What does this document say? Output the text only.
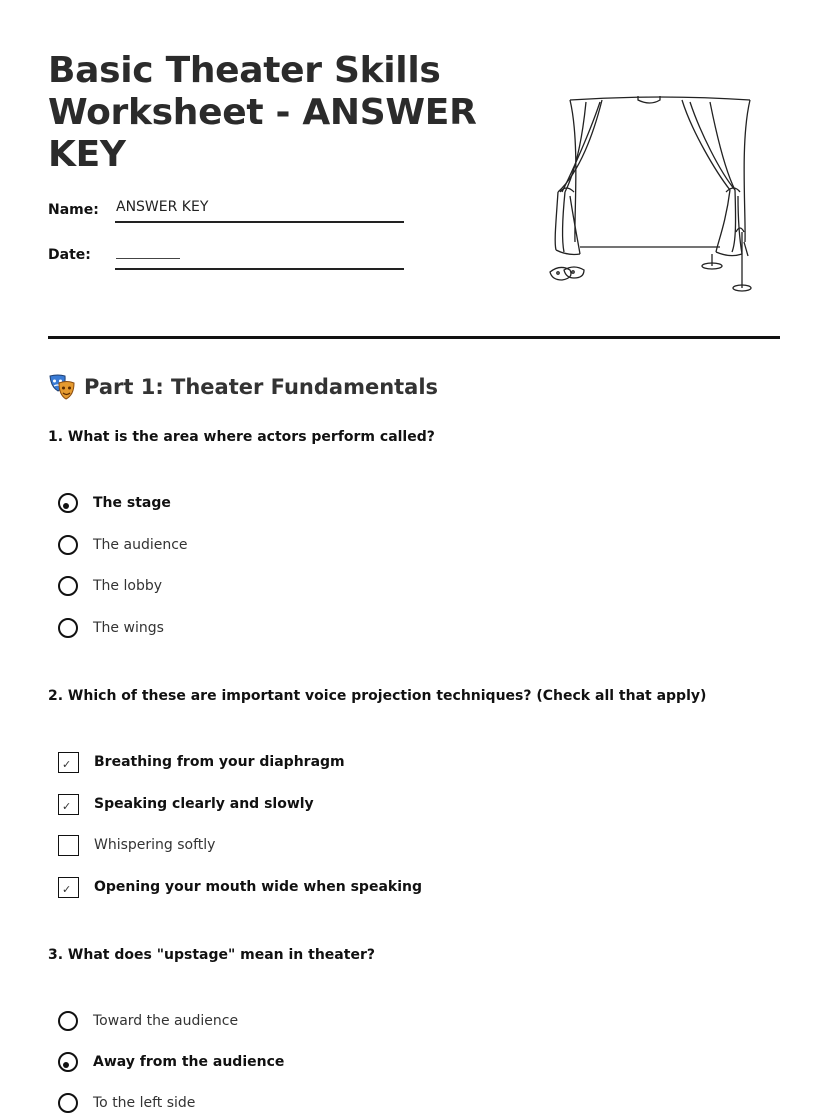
Basic Theater Skills Worksheet - ANSWER KEY
Name: ANSWER KEY
Date:
Part 1: Theater Fundamentals
1. What is the area where actors perform called?
The stage
The audience
The lobby
The wings
2. Which of these are important voice projection techniques? (Check all that apply)
✓	Breathing from your diaphragm
✓	Speaking clearly and slowly
Whispering softly
✓	Opening your mouth wide when speaking
3. What does "upstage" mean in theater?
Toward the audience
Away from the audience
To the left side
